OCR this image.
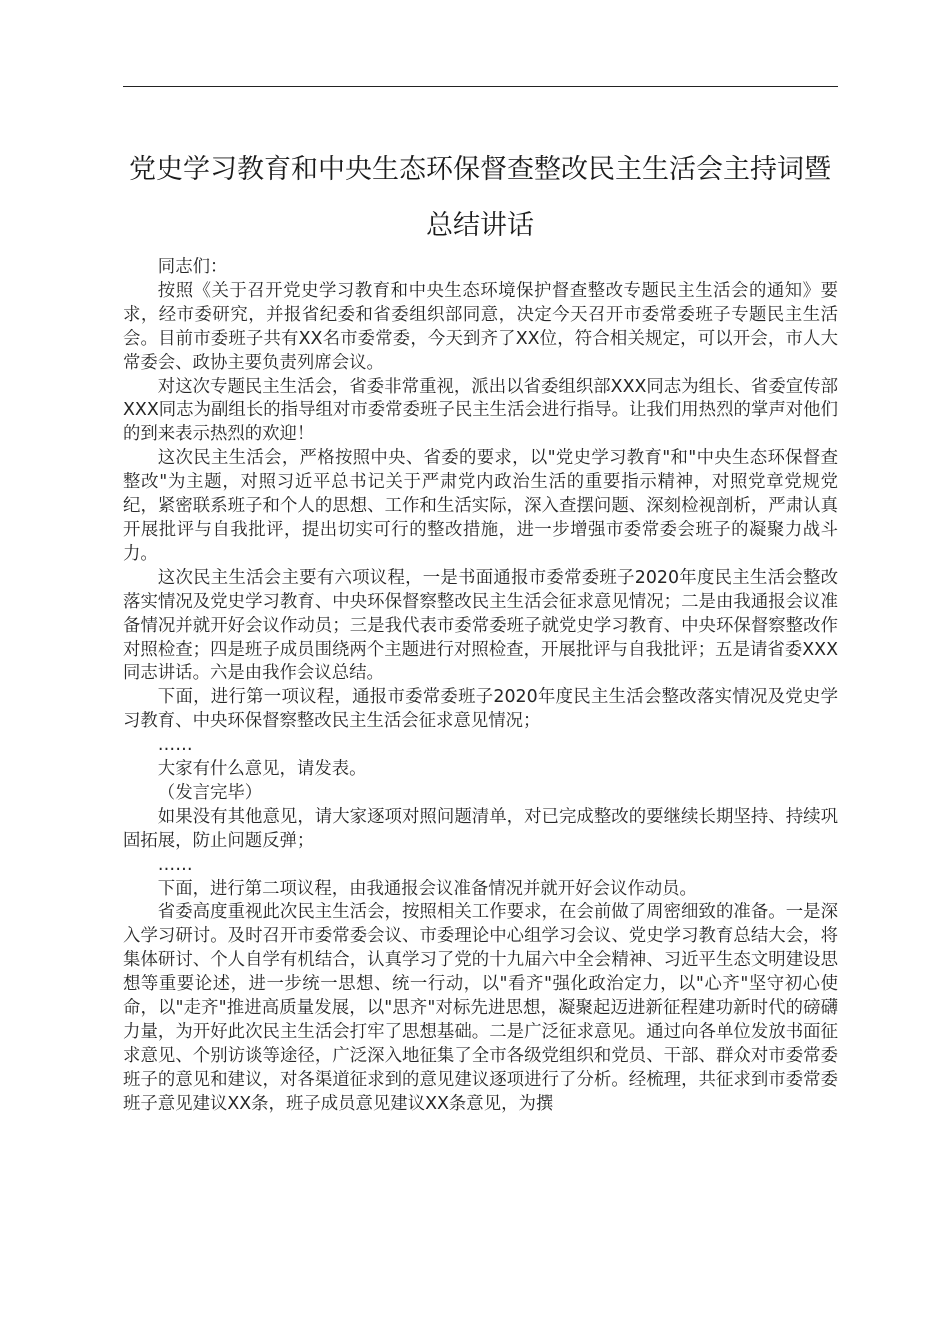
党史学习教育和中央生态环保督查整改民主生活会主持词暨
总结讲话

同志们：

按照《关于召开党史学习教育和中央生态环境保护督查整改专题民主生活会的通知》要求，经市委研究，并报省纪委和省委组织部同意，决定今天召开市委常委班子专题民主生活会。目前市委班子共有XX名市委常委，今天到齐了XX位，符合相关规定，可以开会，市人大常委会、政协主要负责列席会议。

对这次专题民主生活会，省委非常重视，派出以省委组织部XXX同志为组长、省委宣传部XXX同志为副组长的指导组对市委常委班子民主生活会进行指导。让我们用热烈的掌声对他们的到来表示热烈的欢迎！

这次民主生活会，严格按照中央、省委的要求，以"党史学习教育"和"中央生态环保督查整改"为主题，对照习近平总书记关于严肃党内政治生活的重要指示精神，对照党章党规党纪，紧密联系班子和个人的思想、工作和生活实际，深入查摆问题、深刻检视剖析，严肃认真开展批评与自我批评，提出切实可行的整改措施，进一步增强市委常委会班子的凝聚力战斗力。

这次民主生活会主要有六项议程，一是书面通报市委常委班子2020年度民主生活会整改落实情况及党史学习教育、中央环保督察整改民主生活会征求意见情况；二是由我通报会议准备情况并就开好会议作动员；三是我代表市委常委班子就党史学习教育、中央环保督察整改作对照检查；四是班子成员围绕两个主题进行对照检查，开展批评与自我批评；五是请省委XXX同志讲话。六是由我作会议总结。

下面，进行第一项议程，通报市委常委班子2020年度民主生活会整改落实情况及党史学习教育、中央环保督察整改民主生活会征求意见情况；

……

大家有什么意见，请发表。

（发言完毕）

如果没有其他意见，请大家逐项对照问题清单，对已完成整改的要继续长期坚持、持续巩固拓展，防止问题反弹；

……

下面，进行第二项议程，由我通报会议准备情况并就开好会议作动员。

省委高度重视此次民主生活会，按照相关工作要求，在会前做了周密细致的准备。一是深入学习研讨。及时召开市委常委会议、市委理论中心组学习会议、党史学习教育总结大会，将集体研讨、个人自学有机结合，认真学习了党的十九届六中全会精神、习近平生态文明建设思想等重要论述，进一步统一思想、统一行动，以"看齐"强化政治定力，以"心齐"坚守初心使命，以"走齐"推进高质量发展，以"思齐"对标先进思想，凝聚起迈进新征程建功新时代的磅礴力量，为开好此次民主生活会打牢了思想基础。二是广泛征求意见。通过向各单位发放书面征求意见、个别访谈等途径，广泛深入地征集了全市各级党组织和党员、干部、群众对市委常委班子的意见和建议，对各渠道征求到的意见建议逐项进行了分析。经梳理，共征求到市委常委班子意见建议XX条，班子成员意见建议XX条意见，为撰
